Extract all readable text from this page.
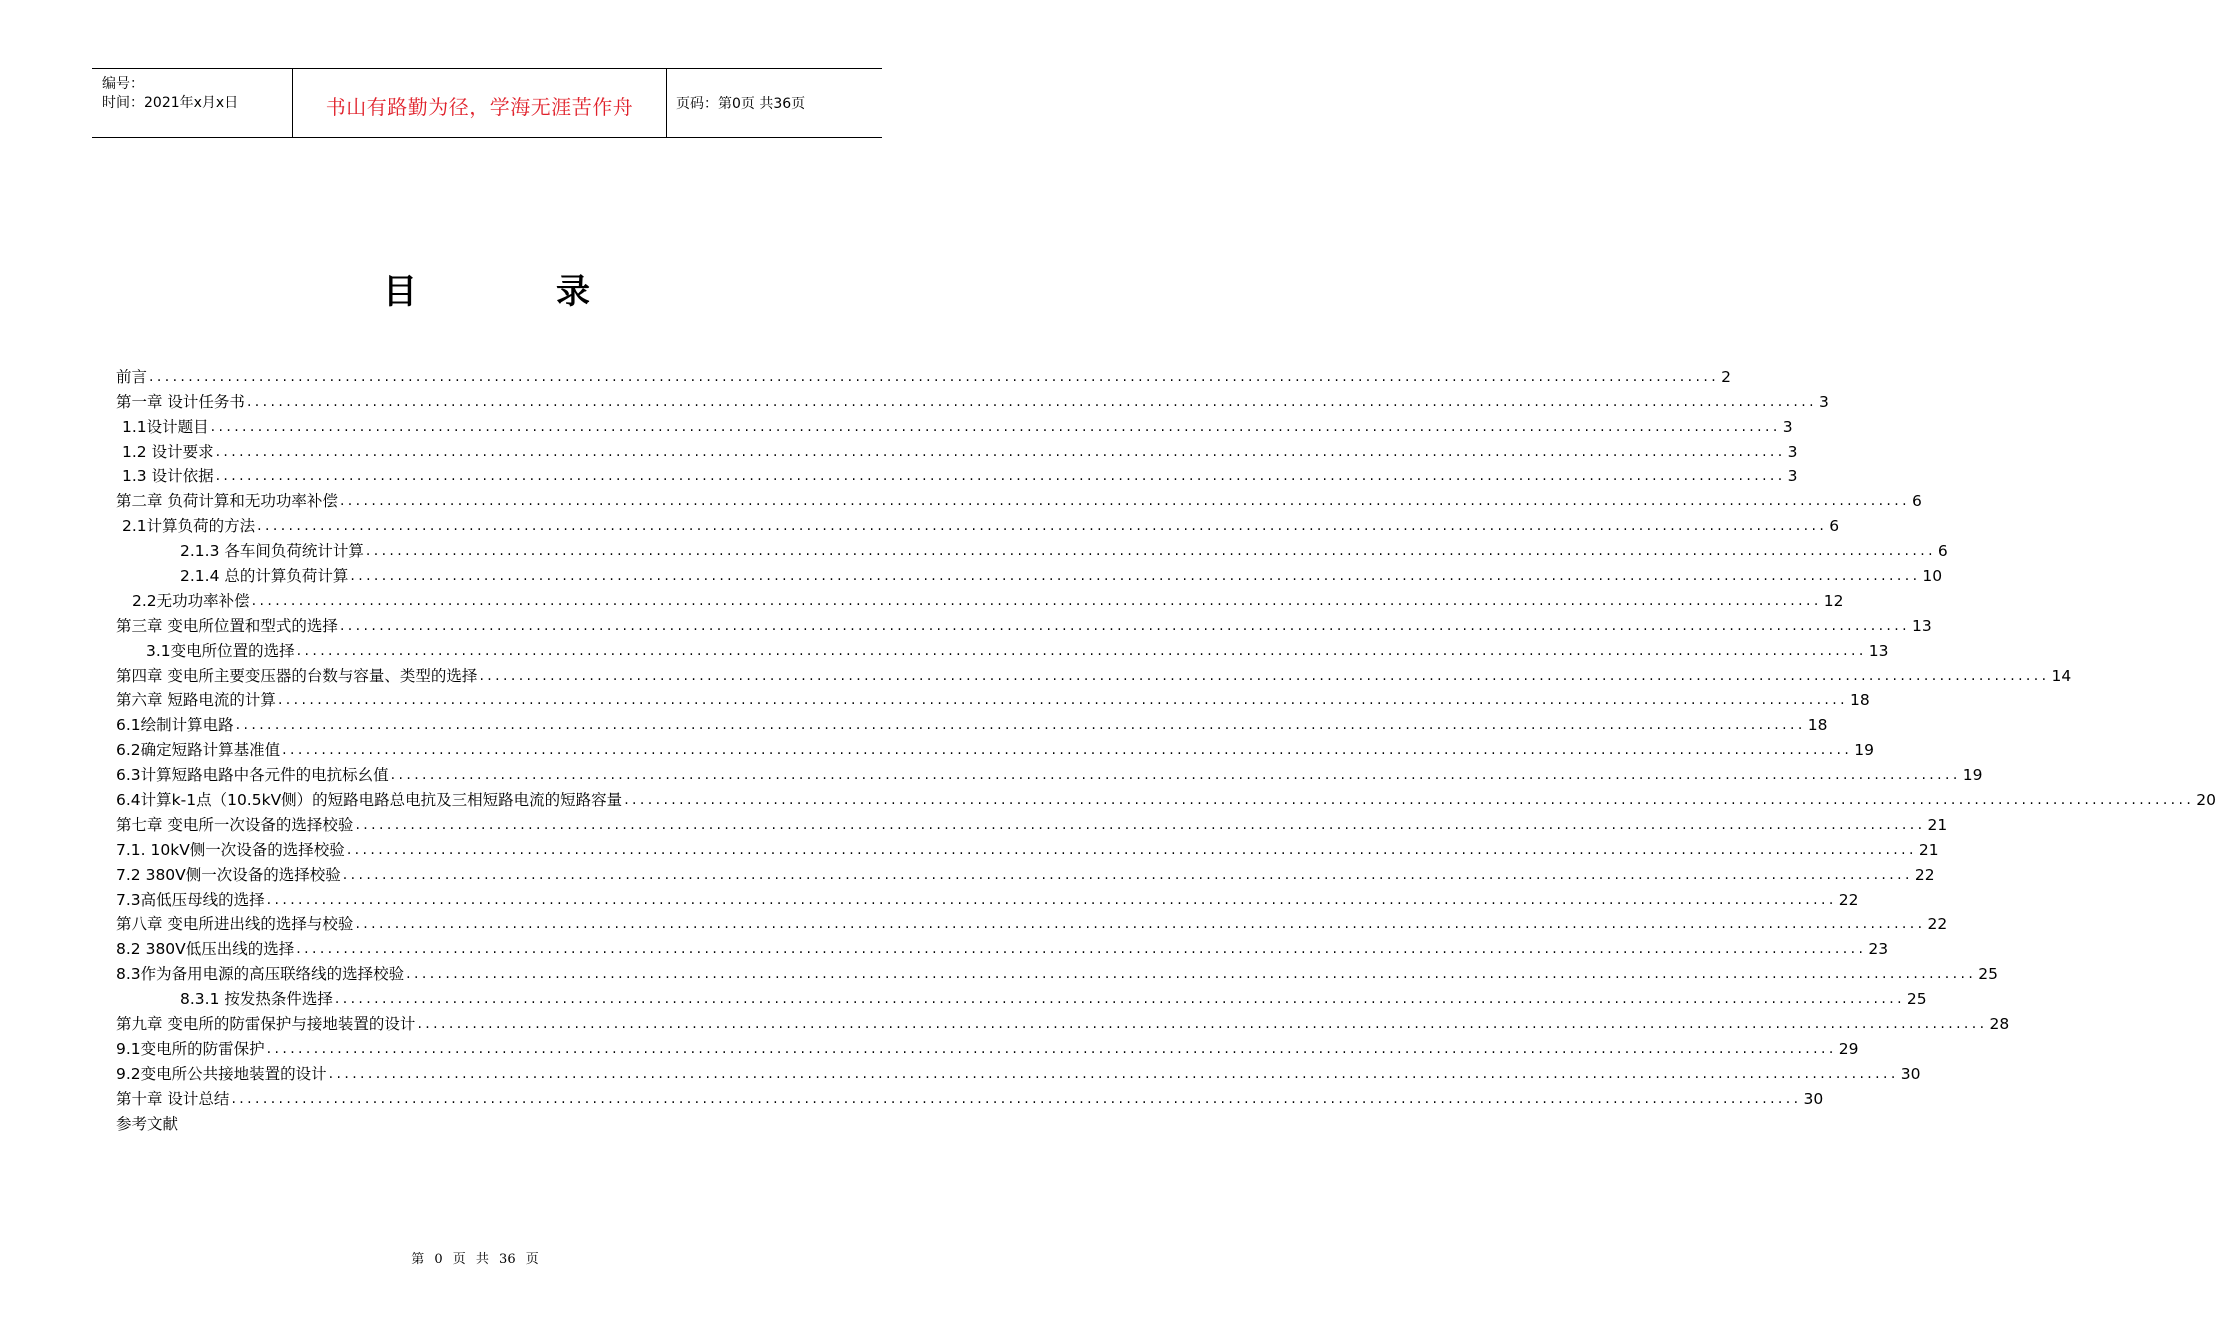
编号：
时间：2021年x月x日	书山有路勤为径，学海无涯苦作舟	页码：第0页 共36页
目	录
前言 ........................................................................................................................................................................................................ 2
第一章 设计任务书 ........................................................................................................................................................................................................ 3
1.1设计题目 ........................................................................................................................................................................................................ 3
1.2 设计要求 ........................................................................................................................................................................................................ 3
1.3 设计依据 ........................................................................................................................................................................................................ 3
第二章 负荷计算和无功功率补偿 ........................................................................................................................................................................................................ 6
2.1计算负荷的方法 ........................................................................................................................................................................................................ 6
2.1.3 各车间负荷统计计算 ........................................................................................................................................................................................................ 6
2.1.4 总的计算负荷计算 ........................................................................................................................................................................................................ 10
2.2无功功率补偿 ........................................................................................................................................................................................................ 12
第三章 变电所位置和型式的选择 ........................................................................................................................................................................................................ 13
3.1变电所位置的选择 ........................................................................................................................................................................................................ 13
第四章 变电所主要变压器的台数与容量、类型的选择 ........................................................................................................................................................................................................ 14
第六章 短路电流的计算 ........................................................................................................................................................................................................ 18
6.1绘制计算电路 ........................................................................................................................................................................................................ 18
6.2确定短路计算基准值 ........................................................................................................................................................................................................ 19
6.3计算短路电路中各元件的电抗标幺值 ........................................................................................................................................................................................................ 19
6.4计算k-1点（10.5kV侧）的短路电路总电抗及三相短路电流的短路容量 ........................................................................................................................................................................................................ 20
第七章 变电所一次设备的选择校验 ........................................................................................................................................................................................................ 21
7.1. 10kV侧一次设备的选择校验 ........................................................................................................................................................................................................ 21
7.2 380V侧一次设备的选择校验 ........................................................................................................................................................................................................ 22
7.3高低压母线的选择 ........................................................................................................................................................................................................ 22
第八章 变电所进出线的选择与校验 ........................................................................................................................................................................................................ 22
8.2 380V低压出线的选择 ........................................................................................................................................................................................................ 23
8.3作为备用电源的高压联络线的选择校验 ........................................................................................................................................................................................................ 25
8.3.1 按发热条件选择 ........................................................................................................................................................................................................ 25
第九章 变电所的防雷保护与接地装置的设计 ........................................................................................................................................................................................................ 28
9.1变电所的防雷保护 ........................................................................................................................................................................................................ 29
9.2变电所公共接地装置的设计 ........................................................................................................................................................................................................ 30
第十章 设计总结 ........................................................................................................................................................................................................ 30
参考文献
第 0 页 共 36 页
